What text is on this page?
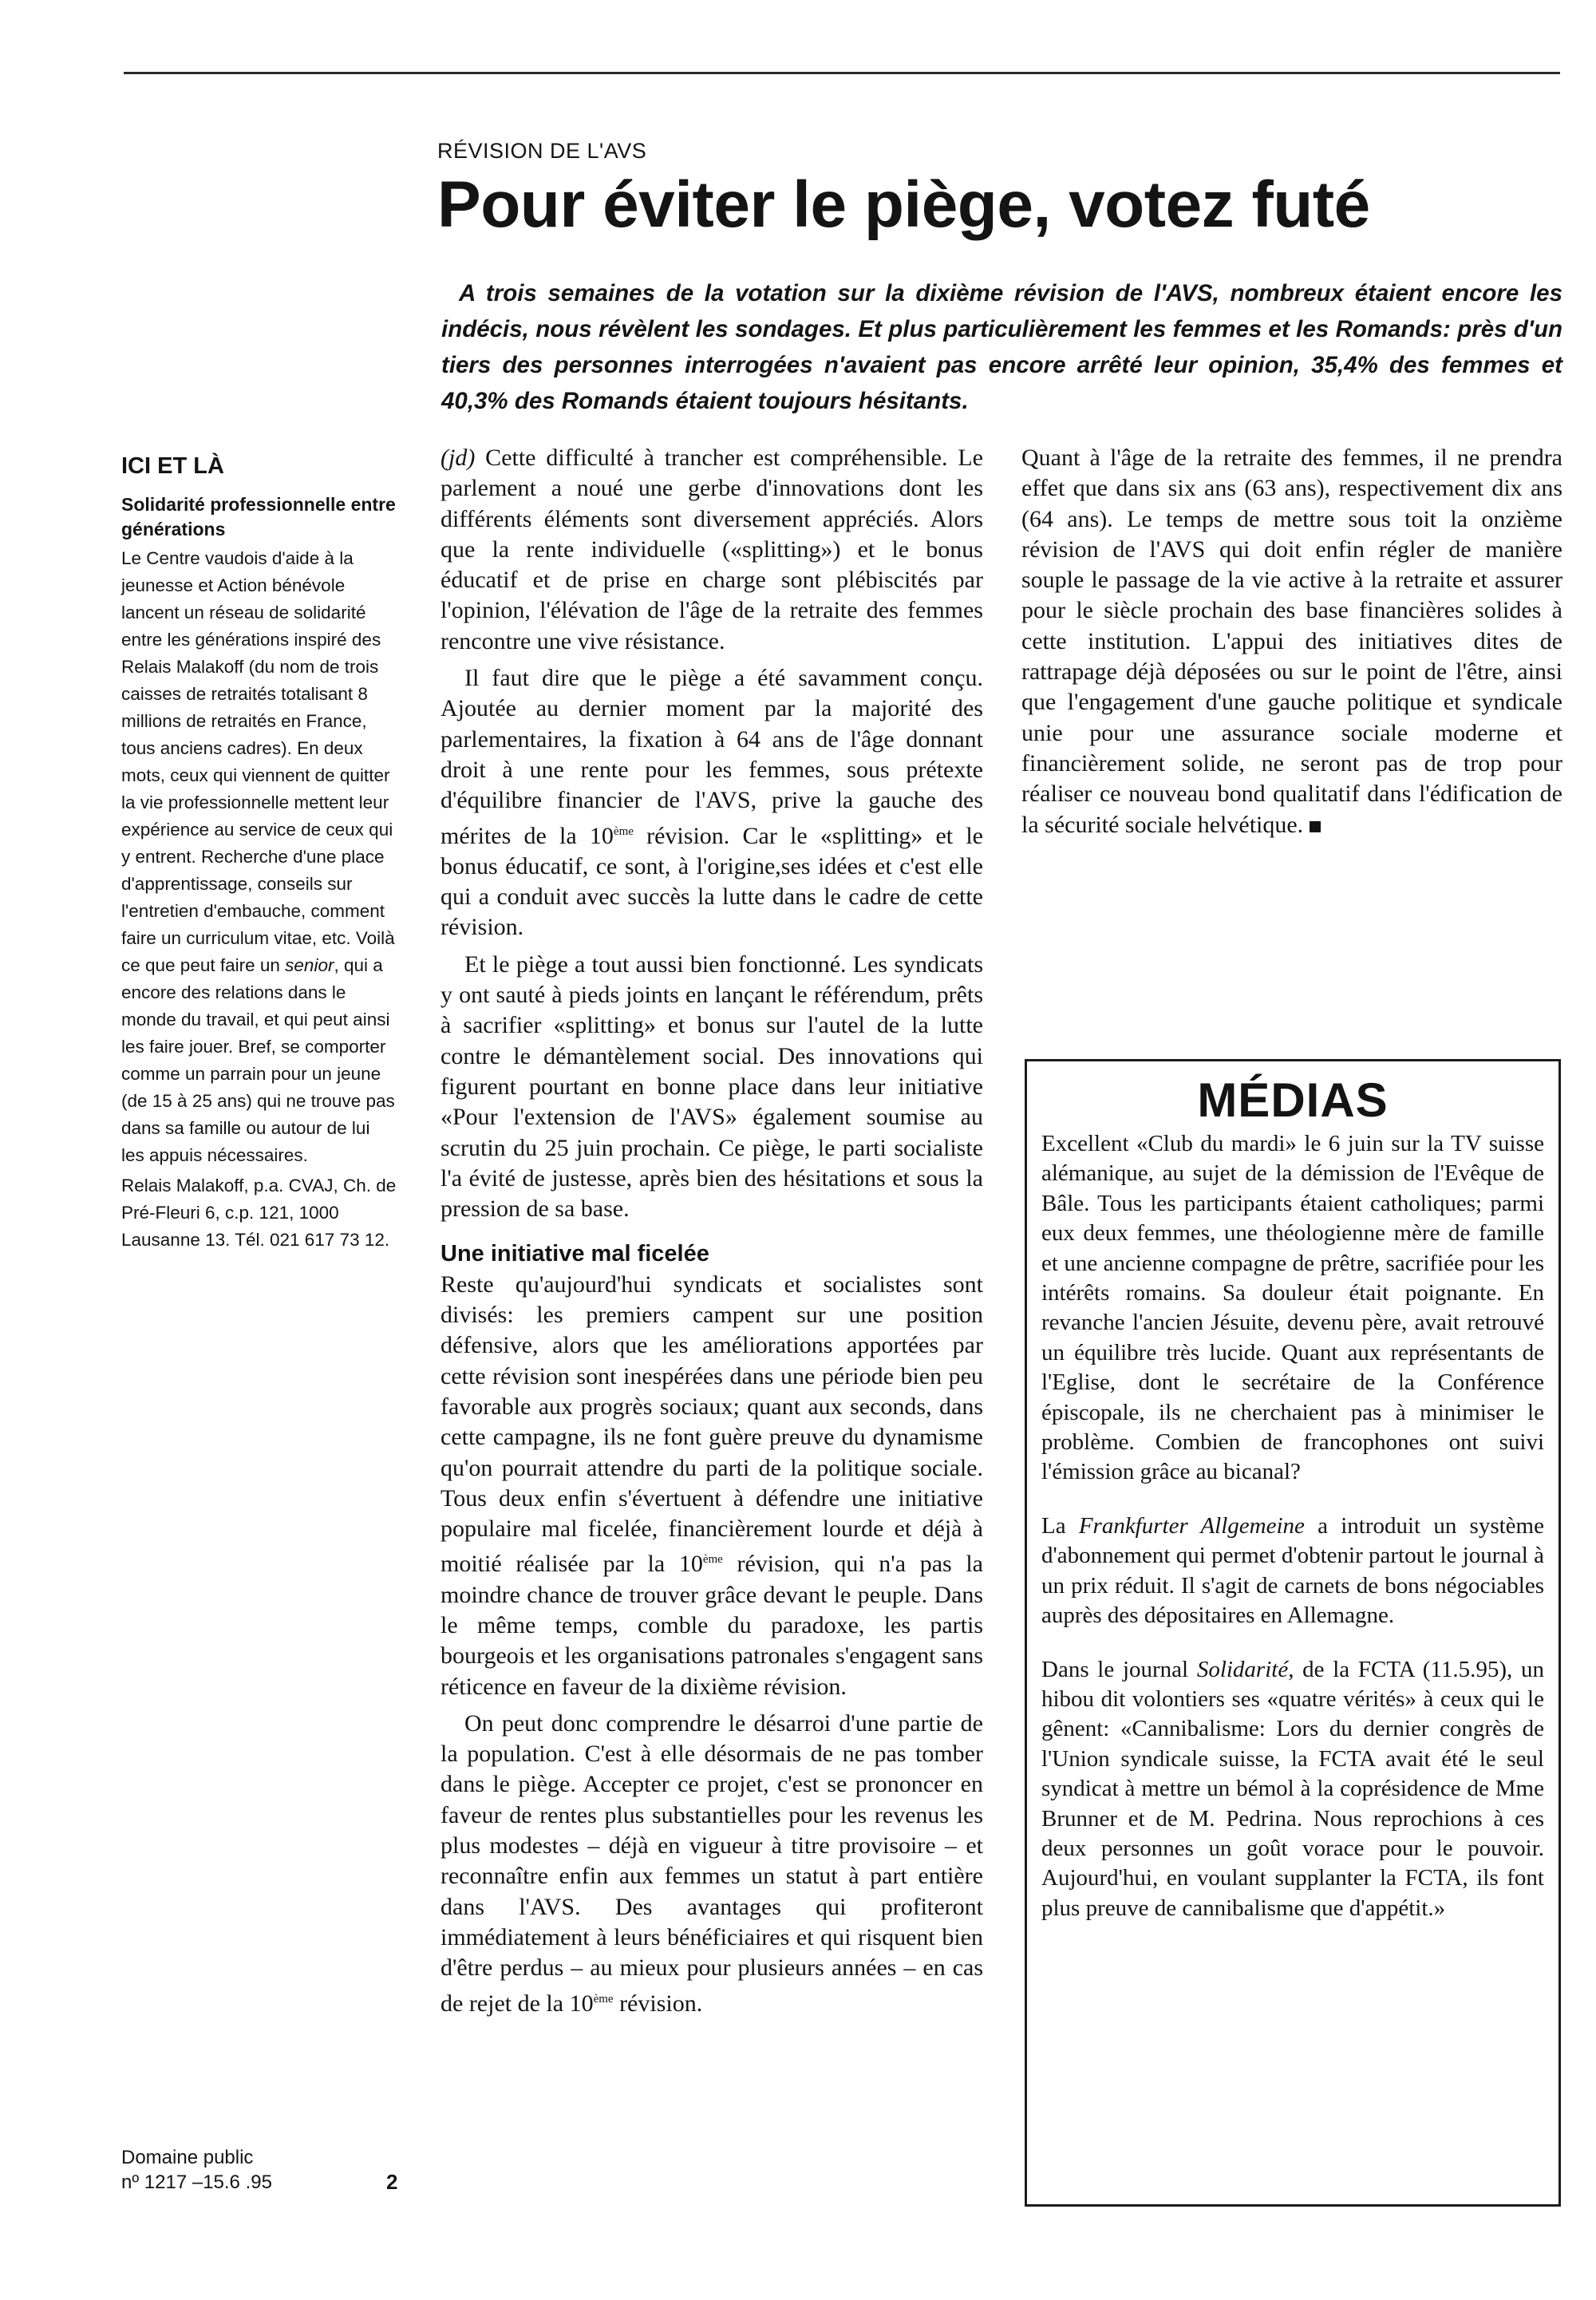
RÉVISION DE L'AVS
Pour éviter le piège, votez futé

A trois semaines de la votation sur la dixième révision de l'AVS, nombreux étaient encore les indécis, nous révèlent les sondages. Et plus particulièrement les femmes et les Romands: près d'un tiers des personnes interrogées n'avaient pas encore arrêté leur opinion, 35,4% des femmes et 40,3% des Romands étaient toujours hésitants.

ICI ET LÀ
Solidarité professionnelle entre générations

Le Centre vaudois d'aide à la jeunesse et Action bénévole lancent un réseau de solidarité entre les générations inspiré des Relais Malakoff (du nom de trois caisses de retraités totalisant 8 millions de retraités en France, tous anciens cadres). En deux mots, ceux qui viennent de quitter la vie professionnelle mettent leur expérience au service de ceux qui y entrent. Recherche d'une place d'apprentissage, conseils sur l'entretien d'embauche, comment faire un curriculum vitae, etc. Voilà ce que peut faire un senior, qui a encore des relations dans le monde du travail, et qui peut ainsi les faire jouer. Bref, se comporter comme un parrain pour un jeune (de 15 à 25 ans) qui ne trouve pas dans sa famille ou autour de lui les appuis nécessaires.

Relais Malakoff, p.a. CVAJ, Ch. de Pré-Fleuri 6, c.p. 121, 1000 Lausanne 13. Tél. 021 617 73 12.

Domaine public
nº 1217 –15.6 .95	2

(jd) Cette difficulté à trancher est compréhensible. Le parlement a noué une gerbe d'innovations dont les différents éléments sont diversement appréciés. Alors que la rente individuelle («splitting») et le bonus éducatif et de prise en charge sont plébiscités par l'opinion, l'élévation de l'âge de la retraite des femmes rencontre une vive résistance.

Il faut dire que le piège a été savamment conçu. Ajoutée au dernier moment par la majorité des parlementaires, la fixation à 64 ans de l'âge donnant droit à une rente pour les femmes, sous prétexte d'équilibre financier de l'AVS, prive la gauche des mérites de la 10ème révision. Car le «splitting» et le bonus éducatif, ce sont, à l'origine,ses idées et c'est elle qui a conduit avec succès la lutte dans le cadre de cette révision.

Et le piège a tout aussi bien fonctionné. Les syndicats y ont sauté à pieds joints en lançant le référendum, prêts à sacrifier «splitting» et bonus sur l'autel de la lutte contre le démantèlement social. Des innovations qui figurent pourtant en bonne place dans leur initiative «Pour l'extension de l'AVS» également soumise au scrutin du 25 juin prochain. Ce piège, le parti socialiste l'a évité de justesse, après bien des hésitations et sous la pression de sa base.

Une initiative mal ficelée

Reste qu'aujourd'hui syndicats et socialistes sont divisés: les premiers campent sur une position défensive, alors que les améliorations apportées par cette révision sont inespérées dans une période bien peu favorable aux progrès sociaux; quant aux seconds, dans cette campagne, ils ne font guère preuve du dynamisme qu'on pourrait attendre du parti de la politique sociale. Tous deux enfin s'évertuent à défendre une initiative populaire mal ficelée, financièrement lourde et déjà à moitié réalisée par la 10ème révision, qui n'a pas la moindre chance de trouver grâce devant le peuple. Dans le même temps, comble du paradoxe, les partis bourgeois et les organisations patronales s'engagent sans réticence en faveur de la dixième révision.

On peut donc comprendre le désarroi d'une partie de la population. C'est à elle désormais de ne pas tomber dans le piège. Accepter ce projet, c'est se prononcer en faveur de rentes plus substantielles pour les revenus les plus modestes – déjà en vigueur à titre provisoire – et reconnaître enfin aux femmes un statut à part entière dans l'AVS. Des avantages qui profiteront immédiatement à leurs bénéficiaires et qui risquent bien d'être perdus – au mieux pour plusieurs années – en cas de rejet de la 10ème révision.

Quant à l'âge de la retraite des femmes, il ne prendra effet que dans six ans (63 ans), respectivement dix ans (64 ans). Le temps de mettre sous toit la onzième révision de l'AVS qui doit enfin régler de manière souple le passage de la vie active à la retraite et assurer pour le siècle prochain des base financières solides à cette institution. L'appui des initiatives dites de rattrapage déjà déposées ou sur le point de l'être, ainsi que l'engagement d'une gauche politique et syndicale unie pour une assurance sociale moderne et financièrement solide, ne seront pas de trop pour réaliser ce nouveau bond qualitatif dans l'édification de la sécurité sociale helvétique.

MÉDIAS

Excellent «Club du mardi» le 6 juin sur la TV suisse alémanique, au sujet de la démission de l'Evêque de Bâle. Tous les participants étaient catholiques; parmi eux deux femmes, une théologienne mère de famille et une ancienne compagne de prêtre, sacrifiée pour les intérêts romains. Sa douleur était poignante. En revanche l'ancien Jésuite, devenu père, avait retrouvé un équilibre très lucide. Quant aux représentants de l'Eglise, dont le secrétaire de la Conférence épiscopale, ils ne cherchaient pas à minimiser le problème. Combien de francophones ont suivi l'émission grâce au bicanal?

La Frankfurter Allgemeine a introduit un système d'abonnement qui permet d'obtenir partout le journal à un prix réduit. Il s'agit de carnets de bons négociables auprès des dépositaires en Allemagne.

Dans le journal Solidarité, de la FCTA (11.5.95), un hibou dit volontiers ses «quatre vérités» à ceux qui le gênent: «Cannibalisme: Lors du dernier congrès de l'Union syndicale suisse, la FCTA avait été le seul syndicat à mettre un bémol à la coprésidence de Mme Brunner et de M. Pedrina. Nous reprochions à ces deux personnes un goût vorace pour le pouvoir. Aujourd'hui, en voulant supplanter la FCTA, ils font plus preuve de cannibalisme que d'appétit.»
